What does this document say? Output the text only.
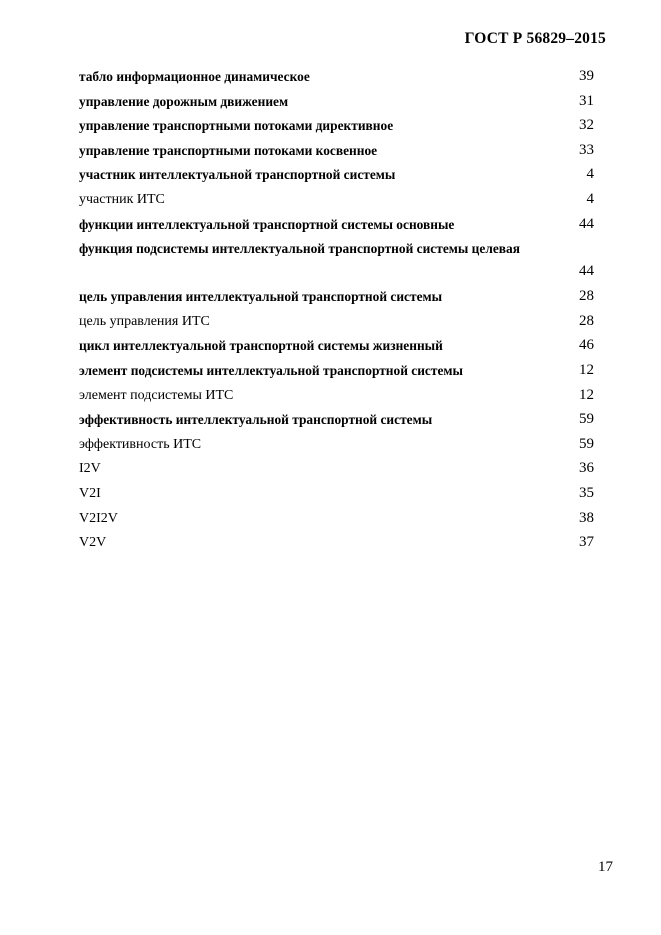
ГОСТ Р 56829–2015
табло информационное динамическое	39
управление дорожным движением	31
управление транспортными потоками директивное	32
управление транспортными потоками косвенное	33
участник интеллектуальной транспортной системы	4
участник ИТС	4
функции интеллектуальной транспортной системы основные	44
функция подсистемы интеллектуальной транспортной системы целевая
44
цель управления интеллектуальной транспортной системы	28
цель управления ИТС	28
цикл интеллектуальной транспортной системы жизненный	46
элемент подсистемы интеллектуальной транспортной системы	12
элемент подсистемы ИТС	12
эффективность интеллектуальной транспортной системы	59
эффективность ИТС	59
I2V	36
V2I	35
V2I2V	38
V2V	37
17
